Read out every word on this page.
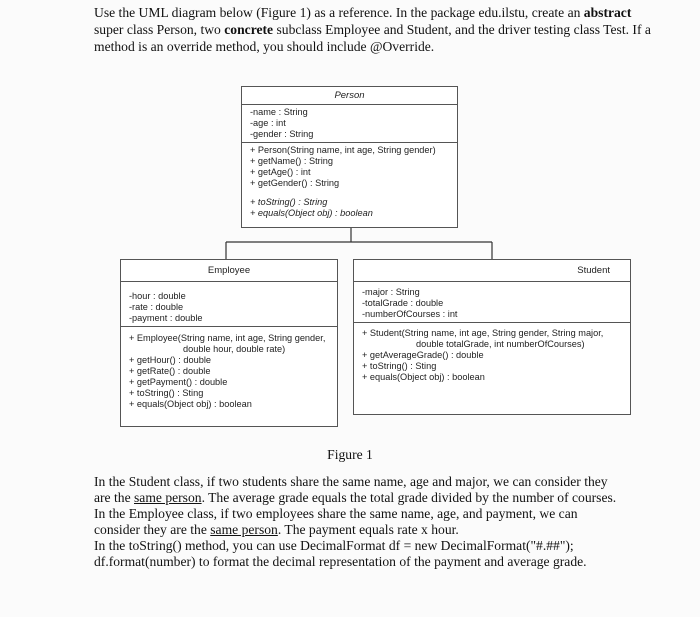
Use the UML diagram below (Figure 1) as a reference. In the package edu.ilstu, create an abstract super class Person, two concrete subclass Employee and Student, and the driver testing class Test. If a method is an override method, you should include @Override.
Person
-name : String
-age : int
-gender : String
+ Person(String name, int age, String gender)
+ getName() : String
+ getAge() : int
+ getGender() : String
+ toString() : String
+ equals(Object obj) : boolean
Employee
-hour : double
-rate : double
-payment : double
+ Employee(String name, int age, String gender,
double hour, double rate)
+ getHour() : double
+ getRate() : double
+ getPayment() : double
+ toString() : Sting
+ equals(Object obj) : boolean
Student
-major : String
-totalGrade : double
-numberOfCourses : int
+ Student(String name, int age, String gender, String major,
double totalGrade, int numberOfCourses)
+ getAverageGrade() : double
+ toString() : Sting
+ equals(Object obj) : boolean
Figure 1
In the Student class, if two students share the same name, age and major, we can consider they are the same person. The average grade equals the total grade divided by the number of courses. In the Employee class, if two employees share the same name, age, and payment, we can consider they are the same person. The payment equals rate x hour.
In the toString() method, you can use DecimalFormat df = new DecimalFormat("#.##"); df.format(number) to format the decimal representation of the payment and average grade.
